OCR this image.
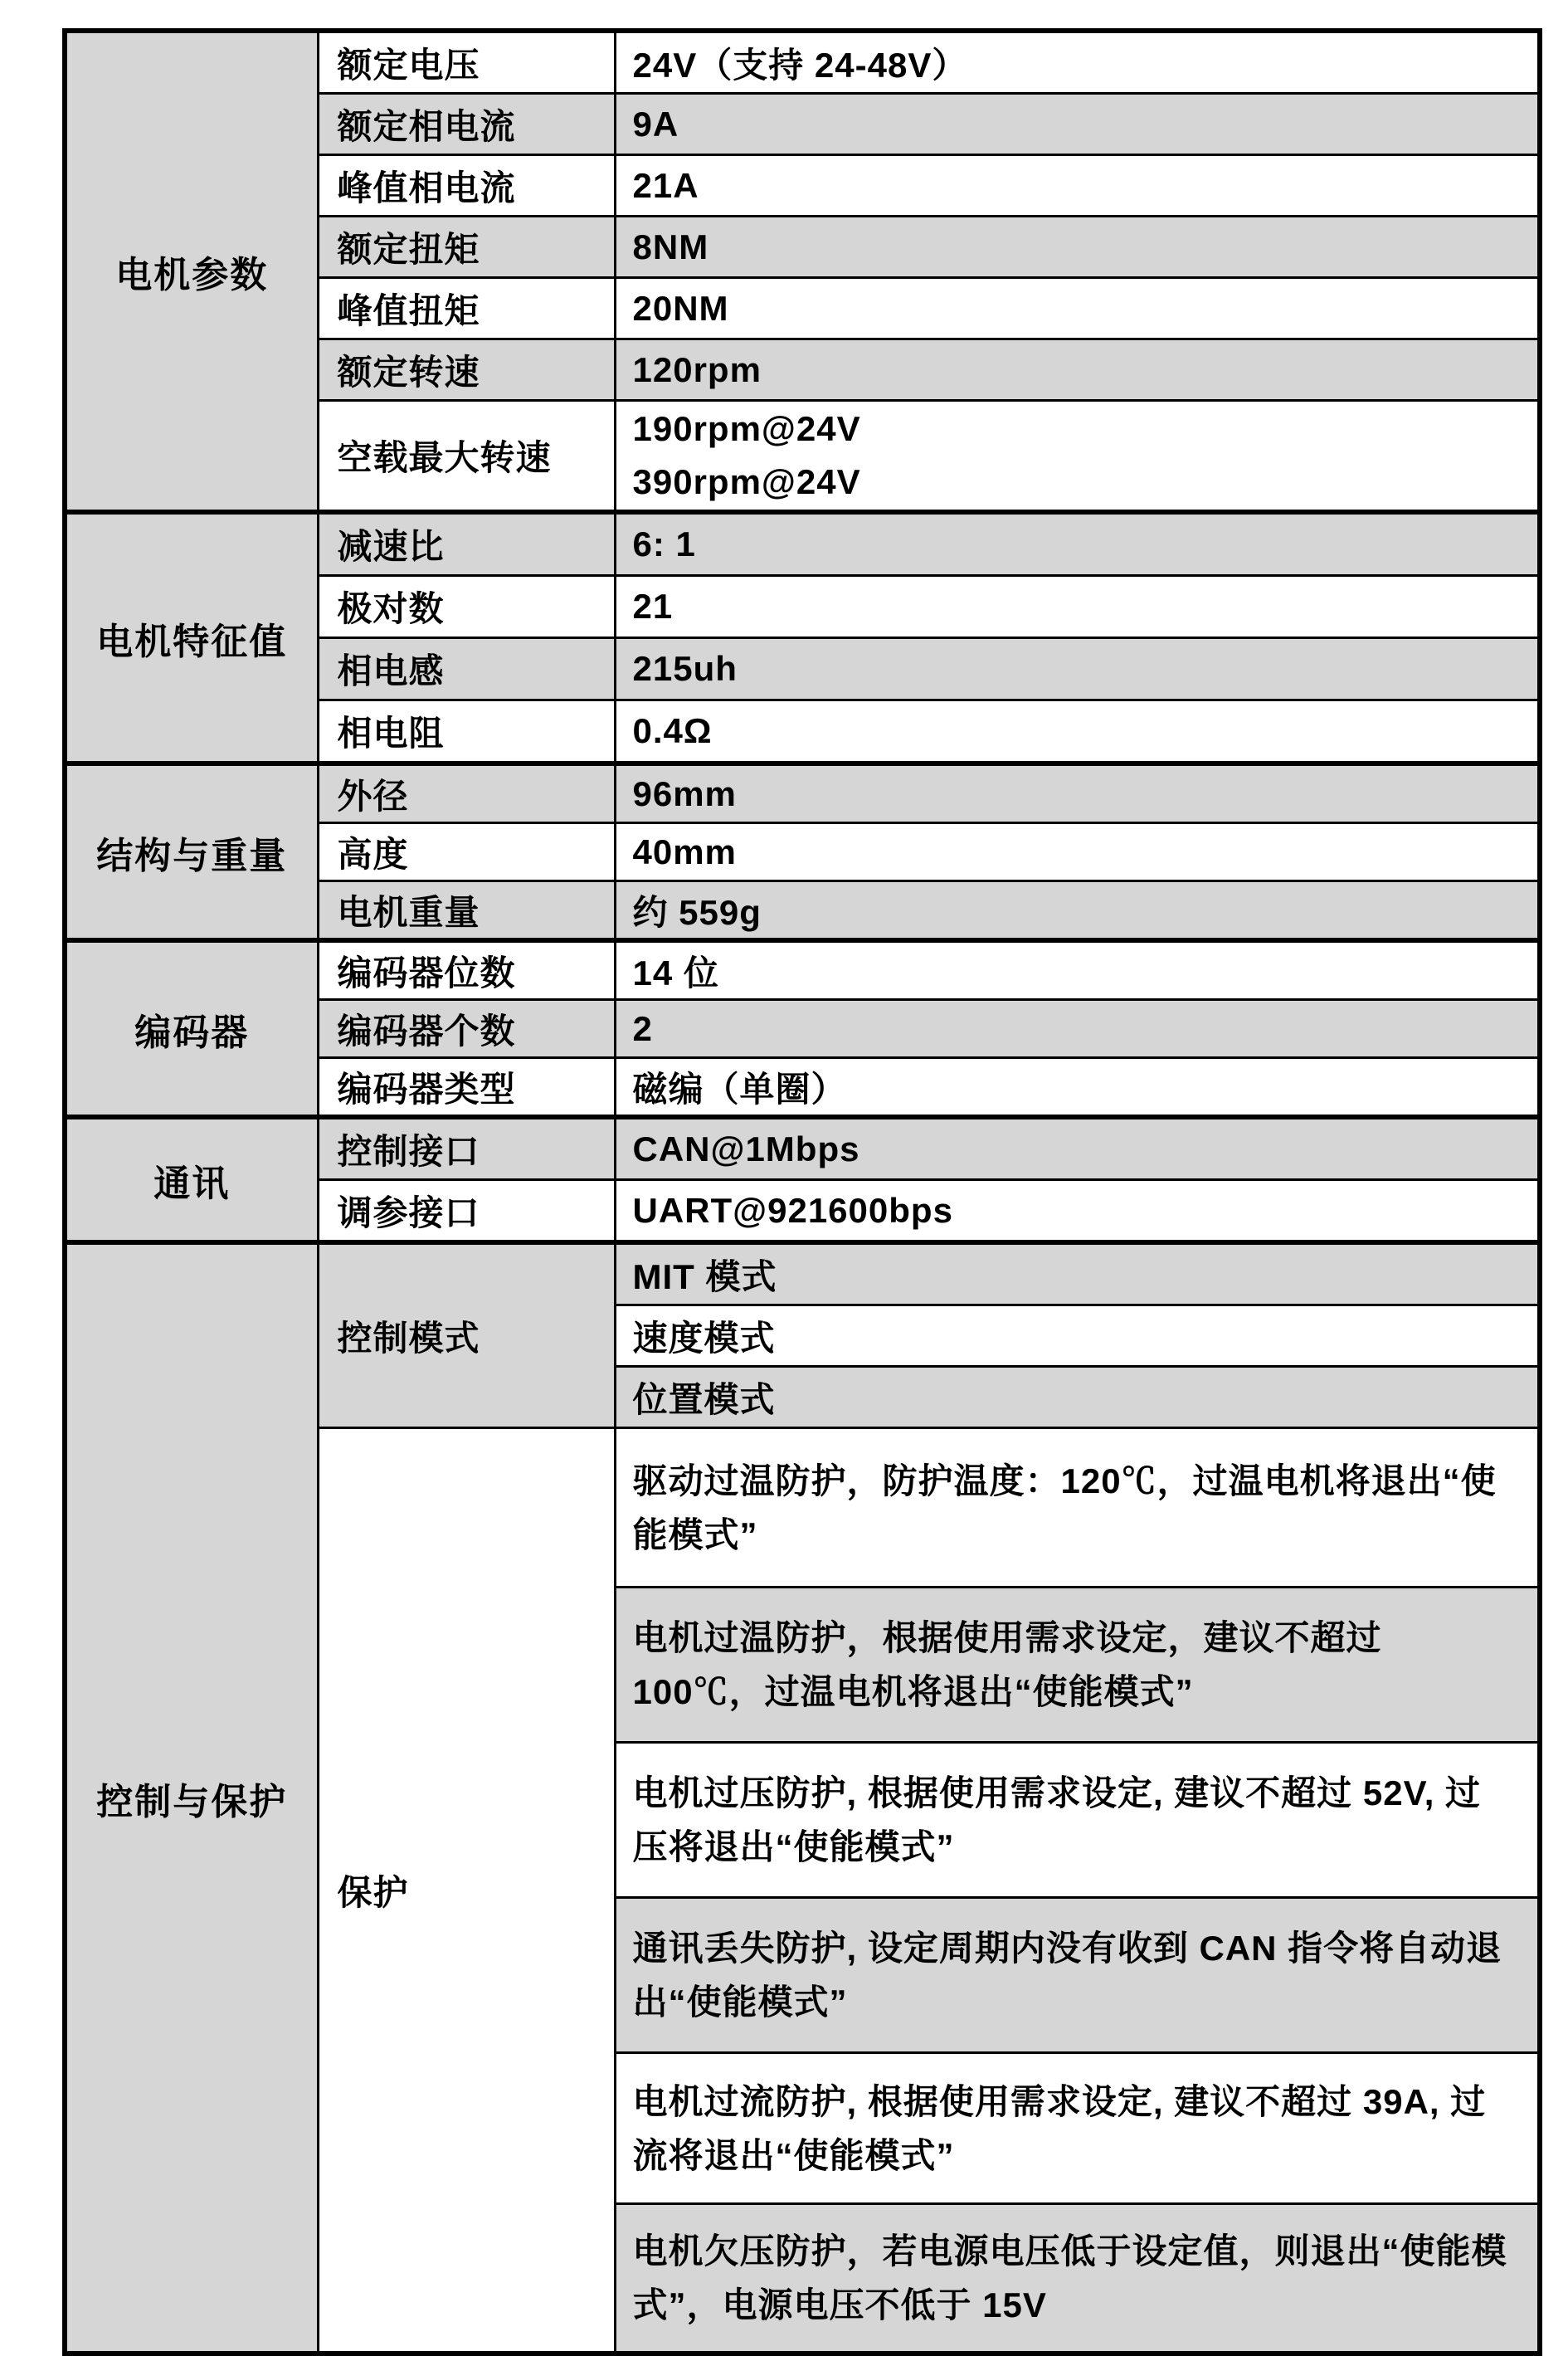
电机参数	额定电压	24V（支持 24-48V）
	额定相电流	9A
	峰值相电流	21A
	额定扭矩	8NM
	峰值扭矩	20NM
	额定转速	120rpm
	空载最大转速	190rpm@24V
390rpm@24V

电机特征值	减速比	6: 1
	极对数	21
	相电感	215uh
	相电阻	0.4Ω
结构与重量	外径	96mm
	高度	40mm
	电机重量	约 559g
编码器	编码器位数	14 位
	编码器个数	2
	编码器类型	磁编（单圈）
通讯	控制接口	CAN@1Mbps
	调参接口	UART@921600bps
控制与保护	控制模式	MIT 模式
		速度模式
		位置模式
	保护	驱动过温防护，防护温度：120℃，过温电机将退出“使能模式”
		电机过温防护，根据使用需求设定，建议不超过 100℃，过温电机将退出“使能模式”
		电机过压防护, 根据使用需求设定, 建议不超过 52V, 过压将退出“使能模式”
		通讯丢失防护, 设定周期内没有收到 CAN 指令将自动退出“使能模式”
		电机过流防护, 根据使用需求设定, 建议不超过 39A, 过流将退出“使能模式”
		电机欠压防护，若电源电压低于设定值，则退出“使能模式”，电源电压不低于 15V
